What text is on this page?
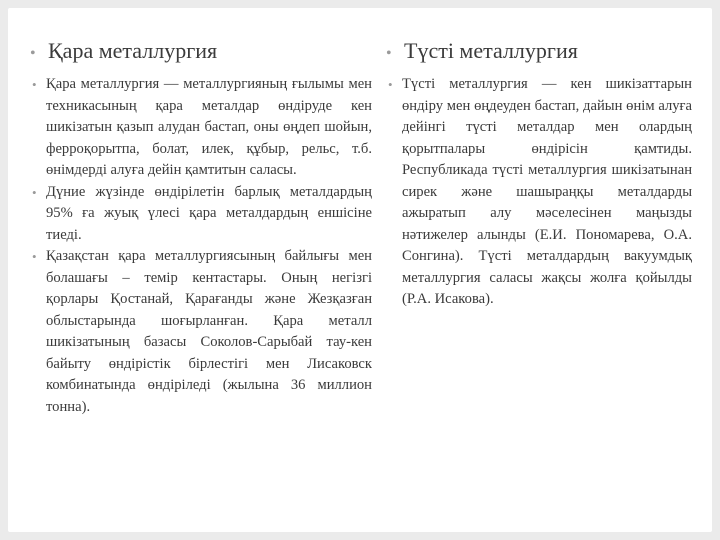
• Қара металлургия
• Қара металлургия — металлургияның ғылымы мен техникасының қара металдар өндіруде кен шикізатын қазып алудан бастап, оны өңдеп шойын, ферроқорытпа, болат, илек, құбыр, рельс, т.б. өнімдерді алуға дейін қамтитын саласы.

• Дүние жүзінде өндірілетін барлық металдардың 95% ға жуық үлесі қара металдардың еншісіне тиеді.

• Қазақстан қара металлургиясының байлығы мен болашағы – темір кентастары. Оның негізгі қорлары Қостанай, Қарағанды және Жезқазған облыстарында шоғырланған. Қара металл шикізатының базасы Соколов-Сарыбай тау-кен байыту өндірістік бірлестігі мен Лисаковск комбинатында өндіріледі (жылына 36 миллион тонна).

• Түсті металлургия
• Түсті металлургия — кен шикізаттарын өндіру мен өңдеуден бастап, дайын өнім алуға дейінгі түсті металдар мен олардың қорытпалары өндірісін қамтиды. Республикада түсті металлургия шикізатынан сирек және шашыраңқы металдарды ажыратып алу мәселесінен маңызды нәтижелер алынды (Е.И. Пономарева, О.А. Сонгина). Түсті металдардың вакуумдық металлургия саласы жақсы жолға қойылды (Р.А. Исакова).
